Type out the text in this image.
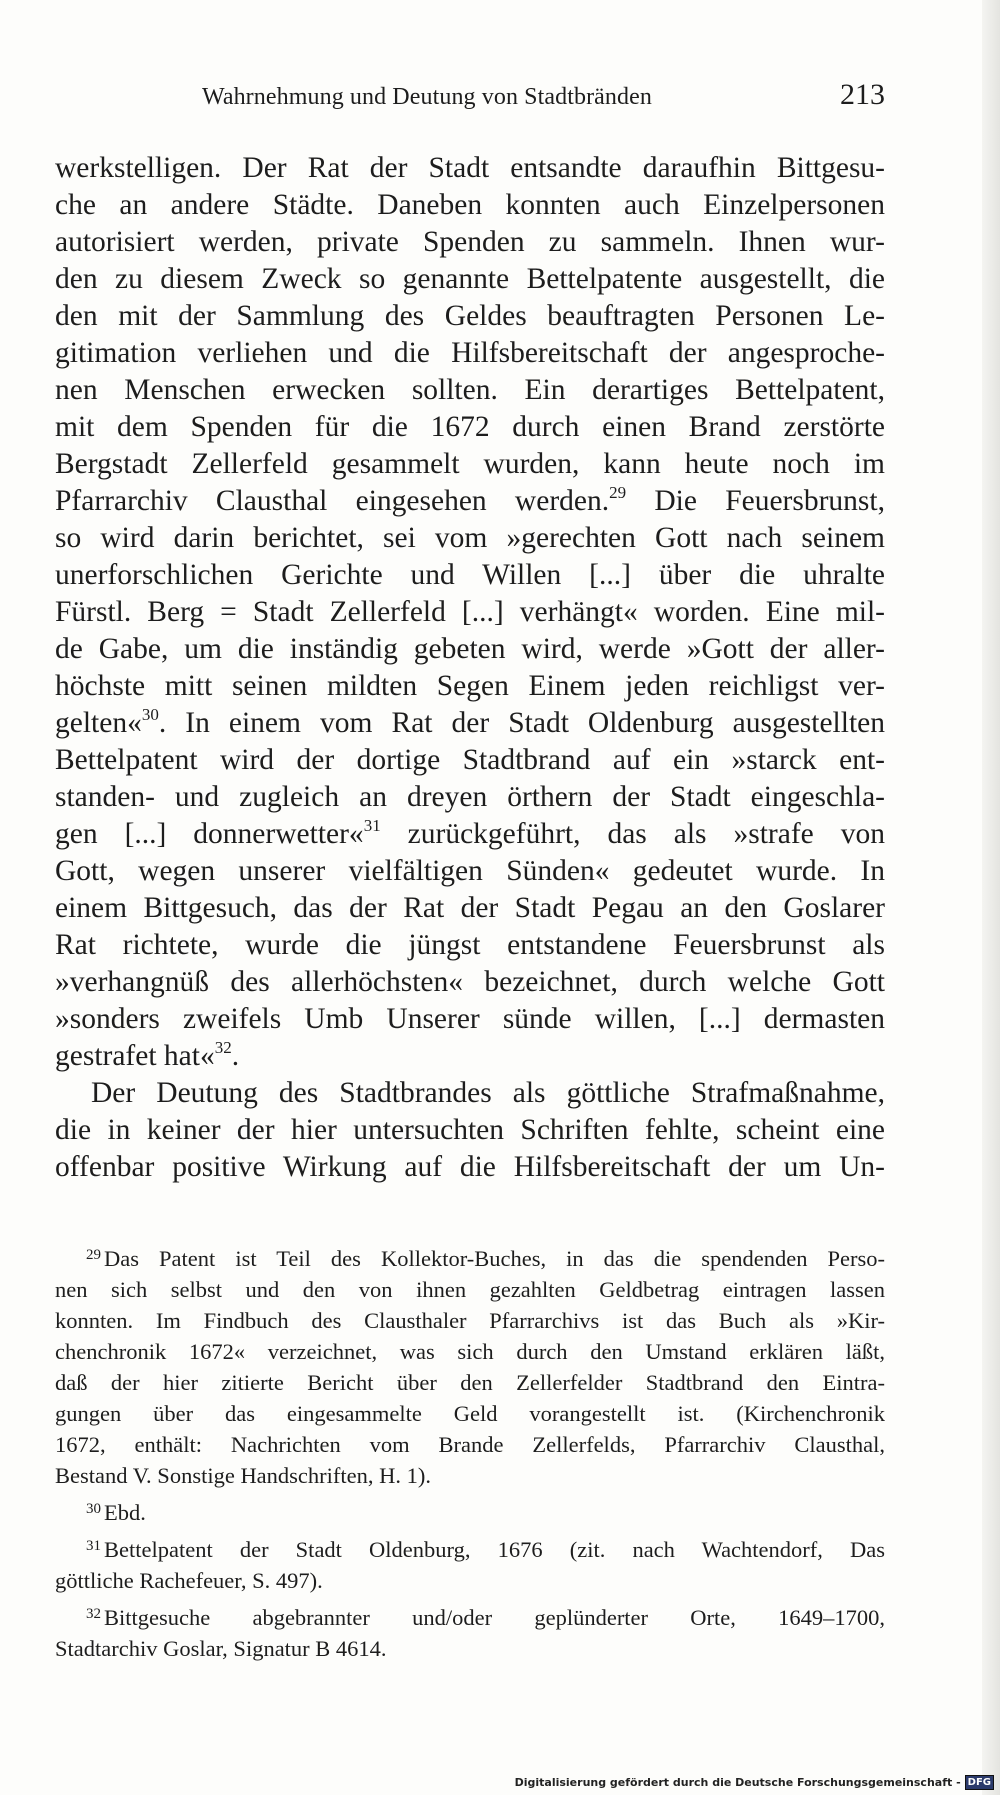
Wahrnehmung und Deutung von Stadtbränden	213
werkstelligen. Der Rat der Stadt entsandte daraufhin Bittgesu-
che an andere Städte. Daneben konnten auch Einzelpersonen
autorisiert werden, private Spenden zu sammeln. Ihnen wur-
den zu diesem Zweck so genannte Bettelpatente ausgestellt, die
den mit der Sammlung des Geldes beauftragten Personen Le-
gitimation verliehen und die Hilfsbereitschaft der angesproche-
nen Menschen erwecken sollten. Ein derartiges Bettelpatent,
mit dem Spenden für die 1672 durch einen Brand zerstörte
Bergstadt Zellerfeld gesammelt wurden, kann heute noch im
Pfarrarchiv Clausthal eingesehen werden.$^{29}$ Die Feuersbrunst,
so wird darin berichtet, sei vom »gerechten Gott nach seinem
unerforschlichen Gerichte und Willen [...] über die uhralte
Fürstl. Berg = Stadt Zellerfeld [...] verhängt« worden. Eine mil-
de Gabe, um die inständig gebeten wird, werde »Gott der aller-
höchste mitt seinen mildten Segen Einem jeden reichligst ver-
gelten«$^{30}$. In einem vom Rat der Stadt Oldenburg ausgestellten
Bettelpatent wird der dortige Stadtbrand auf ein »starck ent-
standen- und zugleich an dreyen örthern der Stadt eingeschla-
gen [...] donnerwetter«$^{31}$ zurückgeführt, das als »strafe von
Gott, wegen unserer vielfältigen Sünden« gedeutet wurde. In
einem Bittgesuch, das der Rat der Stadt Pegau an den Goslarer
Rat richtete, wurde die jüngst entstandene Feuersbrunst als
»verhangnüß des allerhöchsten« bezeichnet, durch welche Gott
»sonders zweifels Umb Unserer sünde willen, [...] dermasten
gestrafet hat«$^{32}$.
Der Deutung des Stadtbrandes als göttliche Strafmaßnahme,
die in keiner der hier untersuchten Schriften fehlte, scheint eine
offenbar positive Wirkung auf die Hilfsbereitschaft der um Un-
$^{29}$ Das Patent ist Teil des Kollektor-Buches, in das die spendenden Perso-
nen sich selbst und den von ihnen gezahlten Geldbetrag eintragen lassen
konnten. Im Findbuch des Clausthaler Pfarrarchivs ist das Buch als »Kir-
chenchronik 1672« verzeichnet, was sich durch den Umstand erklären läßt,
daß der hier zitierte Bericht über den Zellerfelder Stadtbrand den Eintra-
gungen über das eingesammelte Geld vorangestellt ist. (Kirchenchronik
1672, enthält: Nachrichten vom Brande Zellerfelds, Pfarrarchiv Clausthal,
Bestand V. Sonstige Handschriften, H. 1).
$^{30}$ Ebd.
$^{31}$ Bettelpatent der Stadt Oldenburg, 1676 (zit. nach Wachtendorf, Das
göttliche Rachefeuer, S. 497).
$^{32}$ Bittgesuche abgebrannter und/oder geplünderter Orte, 1649–1700,
Stadtarchiv Goslar, Signatur B 4614.
Digitalisierung gefördert durch die Deutsche Forschungsgemeinschaft - DFG
